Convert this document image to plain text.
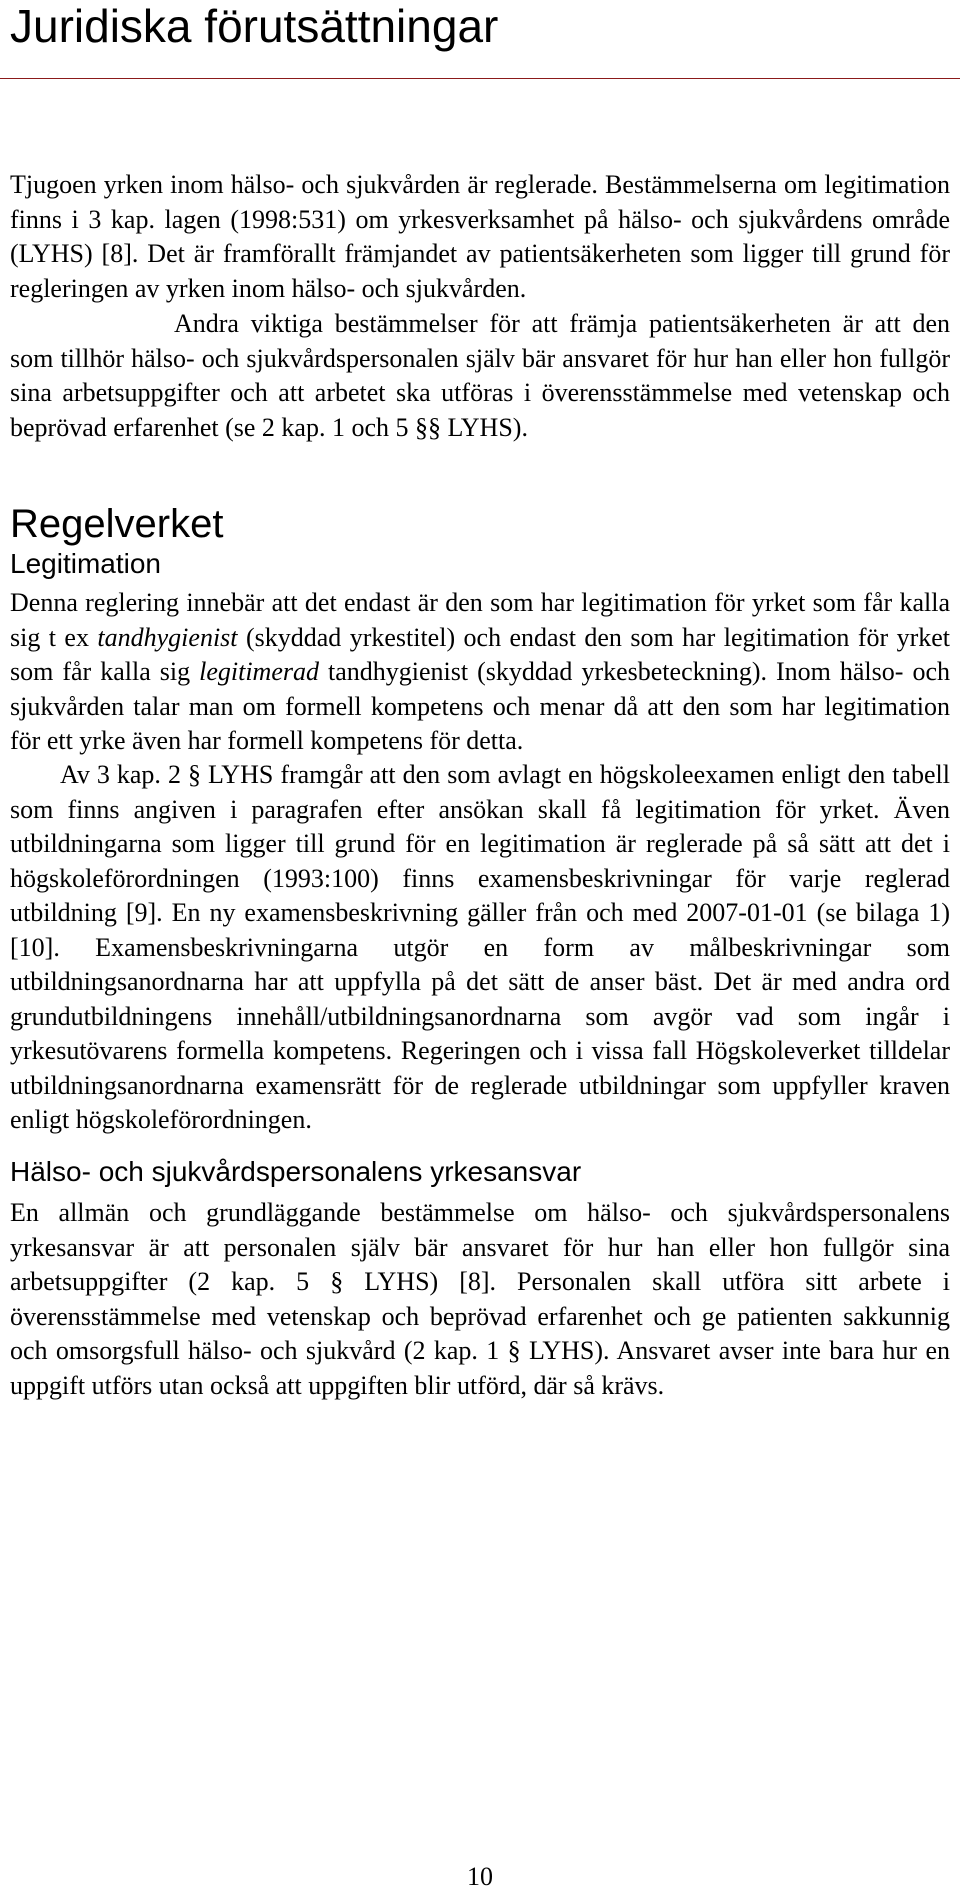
Juridiska förutsättningar

Tjugoen yrken inom hälso- och sjukvården är reglerade. Bestämmelserna om legitimation finns i 3 kap. lagen (1998:531) om yrkesverksamhet på hälso- och sjukvårdens område (LYHS) [8]. Det är framförallt främjandet av patientsäkerheten som ligger till grund för regleringen av yrken inom hälso- och sjukvården.

Andra viktiga bestämmelser för att främja patientsäkerheten är att den som tillhör hälso- och sjukvårdspersonalen själv bär ansvaret för hur han eller hon fullgör sina arbetsuppgifter och att arbetet ska utföras i överensstämmelse med vetenskap och beprövad erfarenhet (se 2 kap. 1 och 5 §§ LYHS).

Regelverket
Legitimation

Denna reglering innebär att det endast är den som har legitimation för yrket som får kalla sig t ex tandhygienist (skyddad yrkestitel) och endast den som har legitimation för yrket som får kalla sig legitimerad tandhygienist (skyddad yrkesbeteckning). Inom hälso- och sjukvården talar man om formell kompetens och menar då att den som har legitimation för ett yrke även har formell kompetens för detta.

Av 3 kap. 2 § LYHS framgår att den som avlagt en högskoleexamen enligt den tabell som finns angiven i paragrafen efter ansökan skall få legitimation för yrket. Även utbildningarna som ligger till grund för en legitimation är reglerade på så sätt att det i högskoleförordningen (1993:100) finns examensbeskrivningar för varje reglerad utbildning [9]. En ny examensbeskrivning gäller från och med 2007-01-01 (se bilaga 1) [10]. Examensbeskrivningarna utgör en form av målbeskrivningar som utbildningsanordnarna har att uppfylla på det sätt de anser bäst. Det är med andra ord grundutbildningens innehåll/utbildningsanordnarna som avgör vad som ingår i yrkesutövarens formella kompetens. Regeringen och i vissa fall Högskoleverket tilldelar utbildningsanordnarna examensrätt för de reglerade utbildningar som uppfyller kraven enligt högskoleförordningen.

Hälso- och sjukvårdspersonalens yrkesansvar

En allmän och grundläggande bestämmelse om hälso- och sjukvårdspersonalens yrkesansvar är att personalen själv bär ansvaret för hur han eller hon fullgör sina arbetsuppgifter (2 kap. 5 § LYHS) [8]. Personalen skall utföra sitt arbete i överensstämmelse med vetenskap och beprövad erfarenhet och ge patienten sakkunnig och omsorgsfull hälso- och sjukvård (2 kap. 1 § LYHS). Ansvaret avser inte bara hur en uppgift utförs utan också att uppgiften blir utförd, där så krävs.

10
